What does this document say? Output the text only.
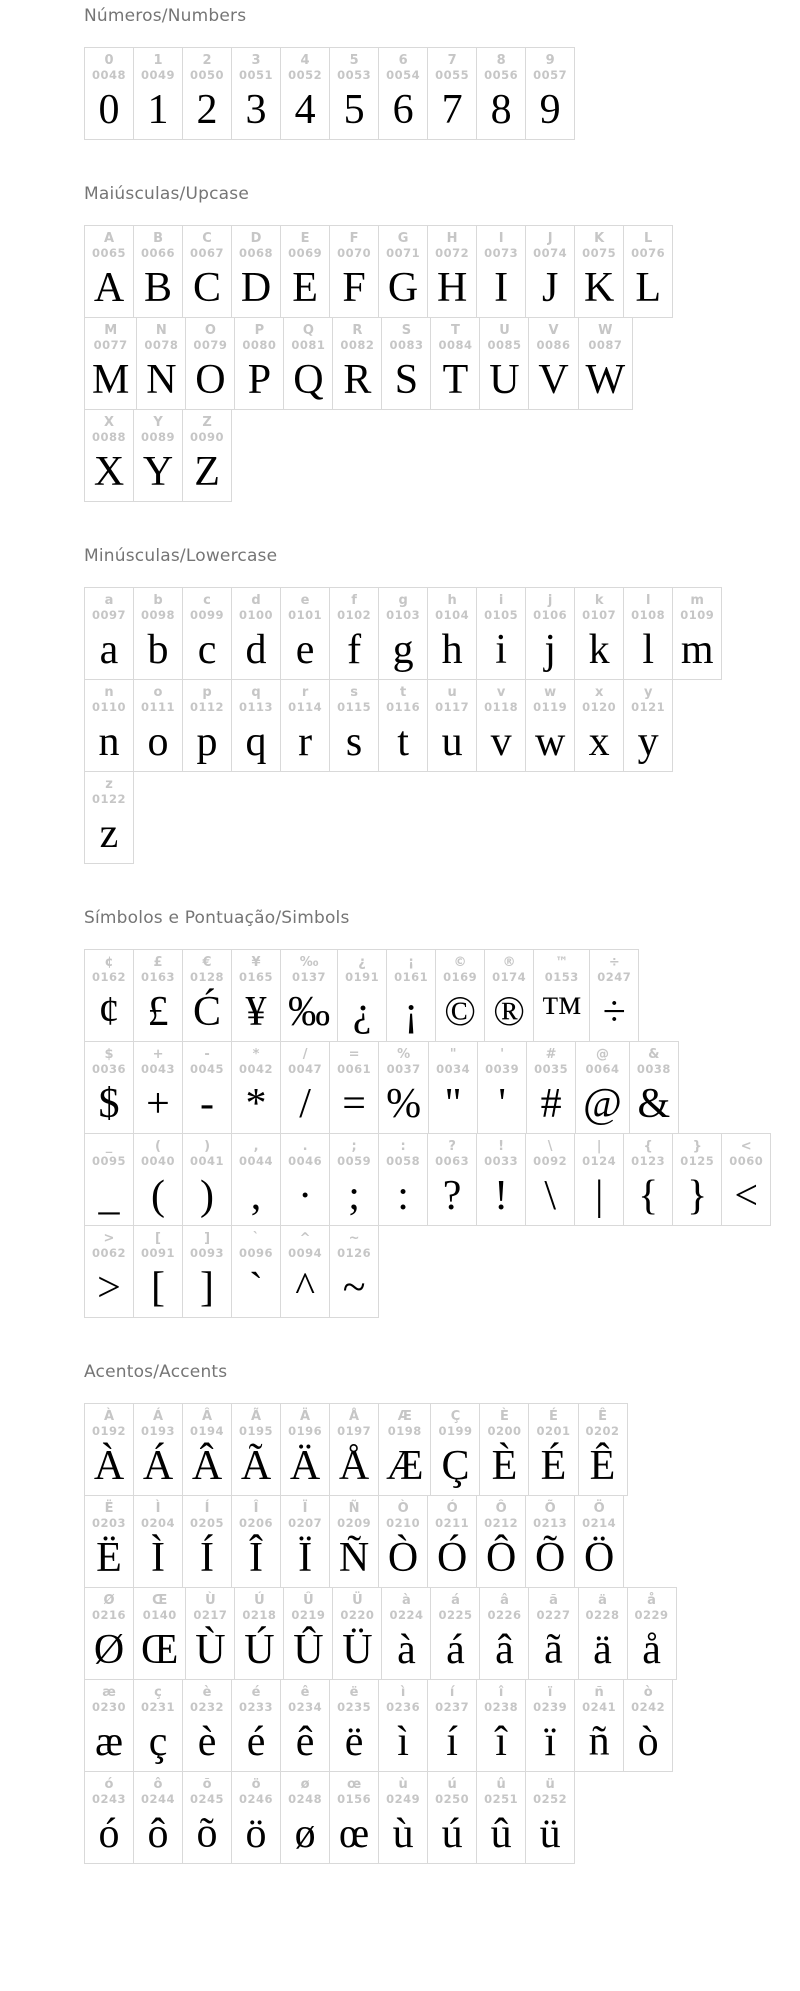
Números/Numbers
0
0048
0
1
0049
1
2
0050
2
3
0051
3
4
0052
4
5
0053
5
6
0054
6
7
0055
7
8
0056
8
9
0057
9
Maiúsculas/Upcase
A
0065
A
B
0066
B
C
0067
C
D
0068
D
E
0069
E
F
0070
F
G
0071
G
H
0072
H
I
0073
I
J
0074
J
K
0075
K
L
0076
L
M
0077
M
N
0078
N
O
0079
O
P
0080
P
Q
0081
Q
R
0082
R
S
0083
S
T
0084
T
U
0085
U
V
0086
V
W
0087
W
X
0088
X
Y
0089
Y
Z
0090
Z
Minúsculas/Lowercase
a
0097
a
b
0098
b
c
0099
c
d
0100
d
e
0101
e
f
0102
f
g
0103
g
h
0104
h
i
0105
i
j
0106
j
k
0107
k
l
0108
l
m
0109
m
n
0110
n
o
0111
o
p
0112
p
q
0113
q
r
0114
r
s
0115
s
t
0116
t
u
0117
u
v
0118
v
w
0119
w
x
0120
x
y
0121
y
z
0122
z
Símbolos e Pontuação/Simbols
¢
0162
¢
£
0163
£
€
0128
Ć
¥
0165
¥
‰
0137
‰
¿
0191
¿
¡
0161
¡
©
0169
©
®
0174
®
™
0153
™
÷
0247
÷
$
0036
$
+
0043
+
-
0045
-
*
0042
*
/
0047
/
=
0061
=
%
0037
%
"
0034
"
'
0039
'
#
0035
#
@
0064
@
&
0038
&
_
0095
_
(
0040
(
)
0041
)
,
0044
,
.
0046
·
;
0059
;
:
0058
:
?
0063
?
!
0033
!
\
0092
\
|
0124
|
{
0123
{
}
0125
}
<
0060
<
>
0062
>
[
0091
[
]
0093
]
`
0096
`
^
0094
^
~
0126
~
Acentos/Accents
À
0192
À
Á
0193
Á
Â
0194
Â
Ã
0195
Ã
Ä
0196
Ä
Å
0197
Å
Æ
0198
Æ
Ç
0199
Ç
È
0200
È
É
0201
É
Ê
0202
Ê
Ë
0203
Ë
Ì
0204
Ì
Í
0205
Í
Î
0206
Î
Ï
0207
Ï
Ñ
0209
Ñ
Ò
0210
Ò
Ó
0211
Ó
Ô
0212
Ô
Õ
0213
Õ
Ö
0214
Ö
Ø
0216
Ø
Œ
0140
Œ
Ù
0217
Ù
Ú
0218
Ú
Û
0219
Û
Ü
0220
Ü
à
0224
à
á
0225
á
â
0226
â
ã
0227
ã
ä
0228
ä
å
0229
å
æ
0230
æ
ç
0231
ç
è
0232
è
é
0233
é
ê
0234
ê
ë
0235
ë
ì
0236
ì
í
0237
í
î
0238
î
ï
0239
ï
ñ
0241
ñ
ò
0242
ò
ó
0243
ó
ô
0244
ô
õ
0245
õ
ö
0246
ö
ø
0248
ø
œ
0156
œ
ù
0249
ù
ú
0250
ú
û
0251
û
ü
0252
ü
